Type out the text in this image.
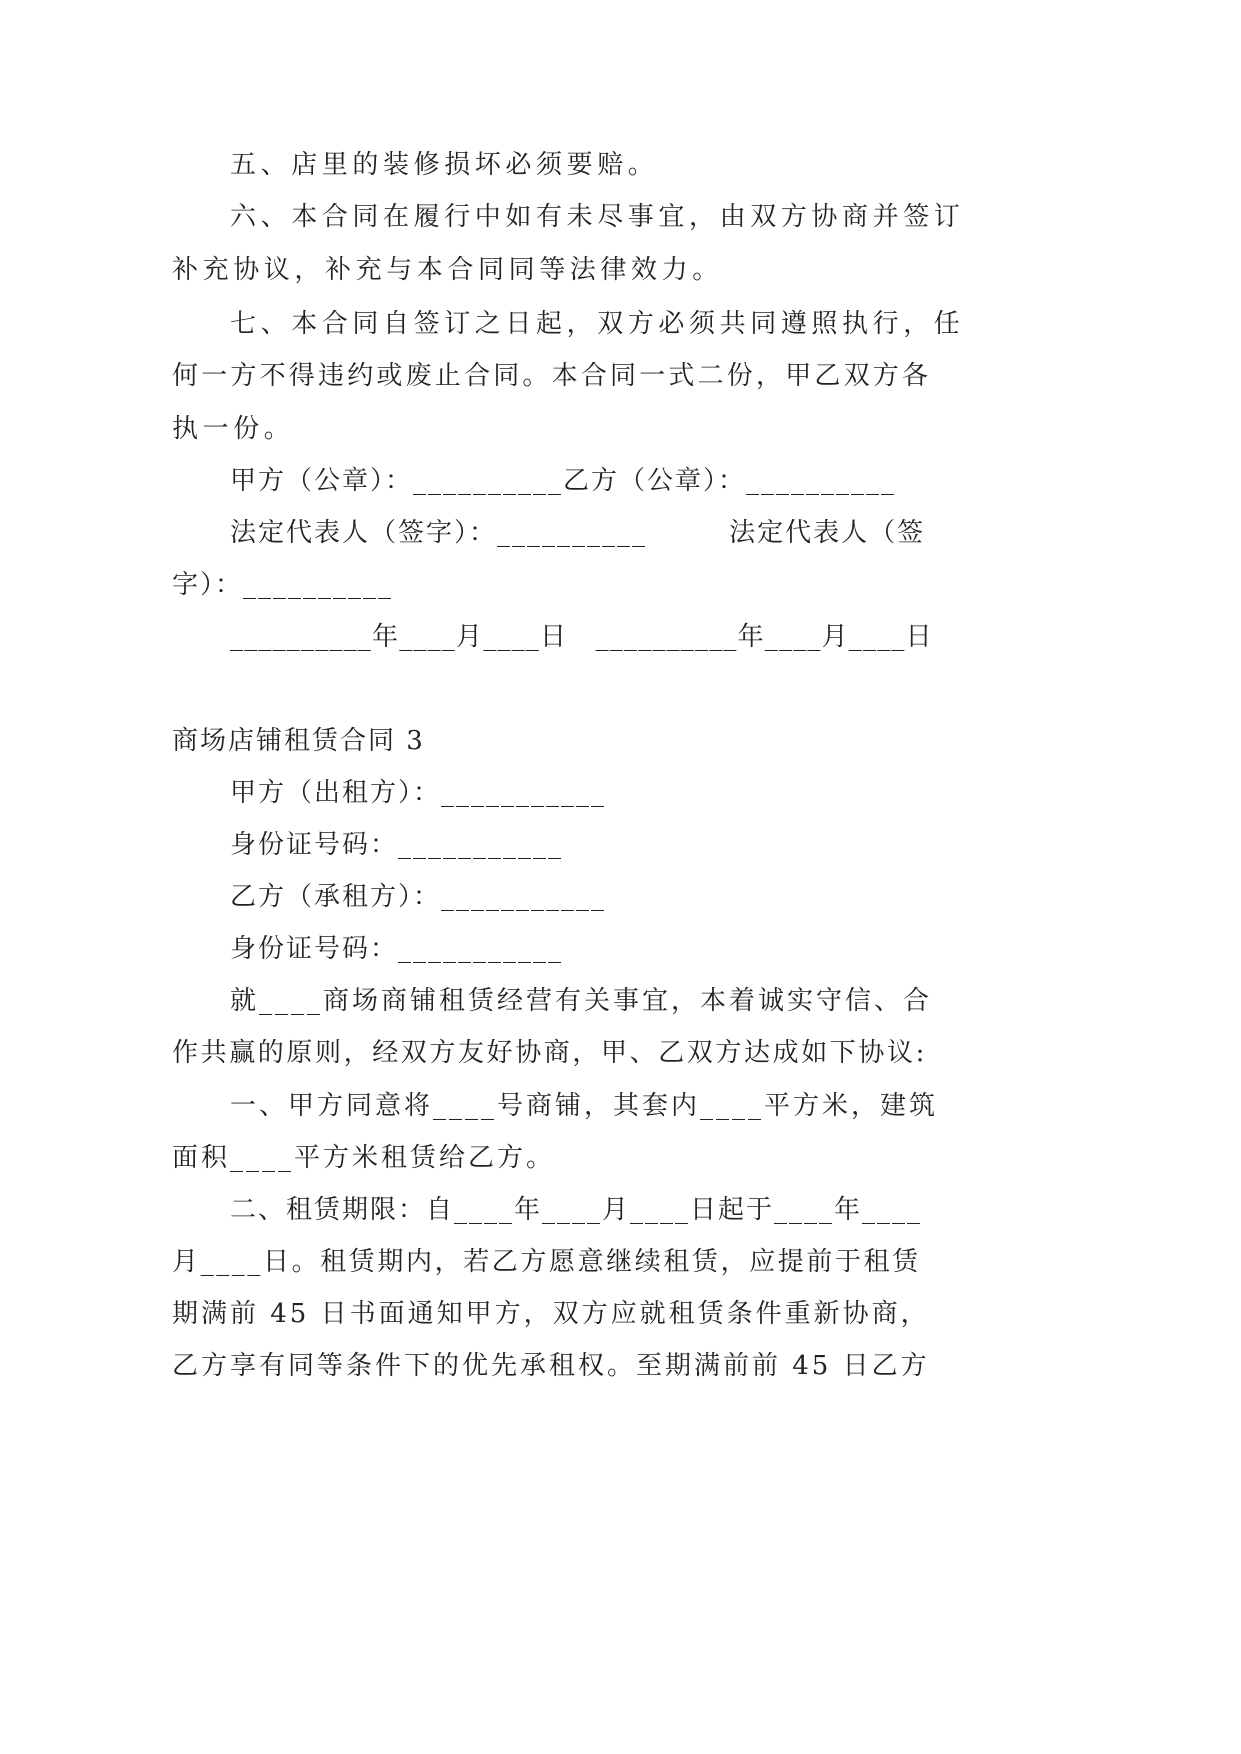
五、店里的装修损坏必须要赔。
六、本合同在履行中如有未尽事宜，由双方协商并签订
补充协议，补充与本合同同等法律效力。
七、本合同自签订之日起，双方必须共同遵照执行，任
何一方不得违约或废止合同。本合同一式二份，甲乙双方各
执一份。
甲方（公章）：__________乙方（公章）：__________
法定代表人（签字）：__________        法定代表人（签
字）：__________
__________年____月____日   __________年____月____日
商场店铺租赁合同 3
甲方（出租方）：___________
身份证号码：___________
乙方（承租方）：___________
身份证号码：___________
就____商场商铺租赁经营有关事宜，本着诚实守信、合
作共赢的原则，经双方友好协商，甲、乙双方达成如下协议:
一、甲方同意将____号商铺，其套内____平方米，建筑
面积____平方米租赁给乙方。
二、租赁期限：自____年____月____日起于____年____
月____日。租赁期内，若乙方愿意继续租赁，应提前于租赁
期满前 45 日书面通知甲方，双方应就租赁条件重新协商，
乙方享有同等条件下的优先承租权。至期满前前 45 日乙方
